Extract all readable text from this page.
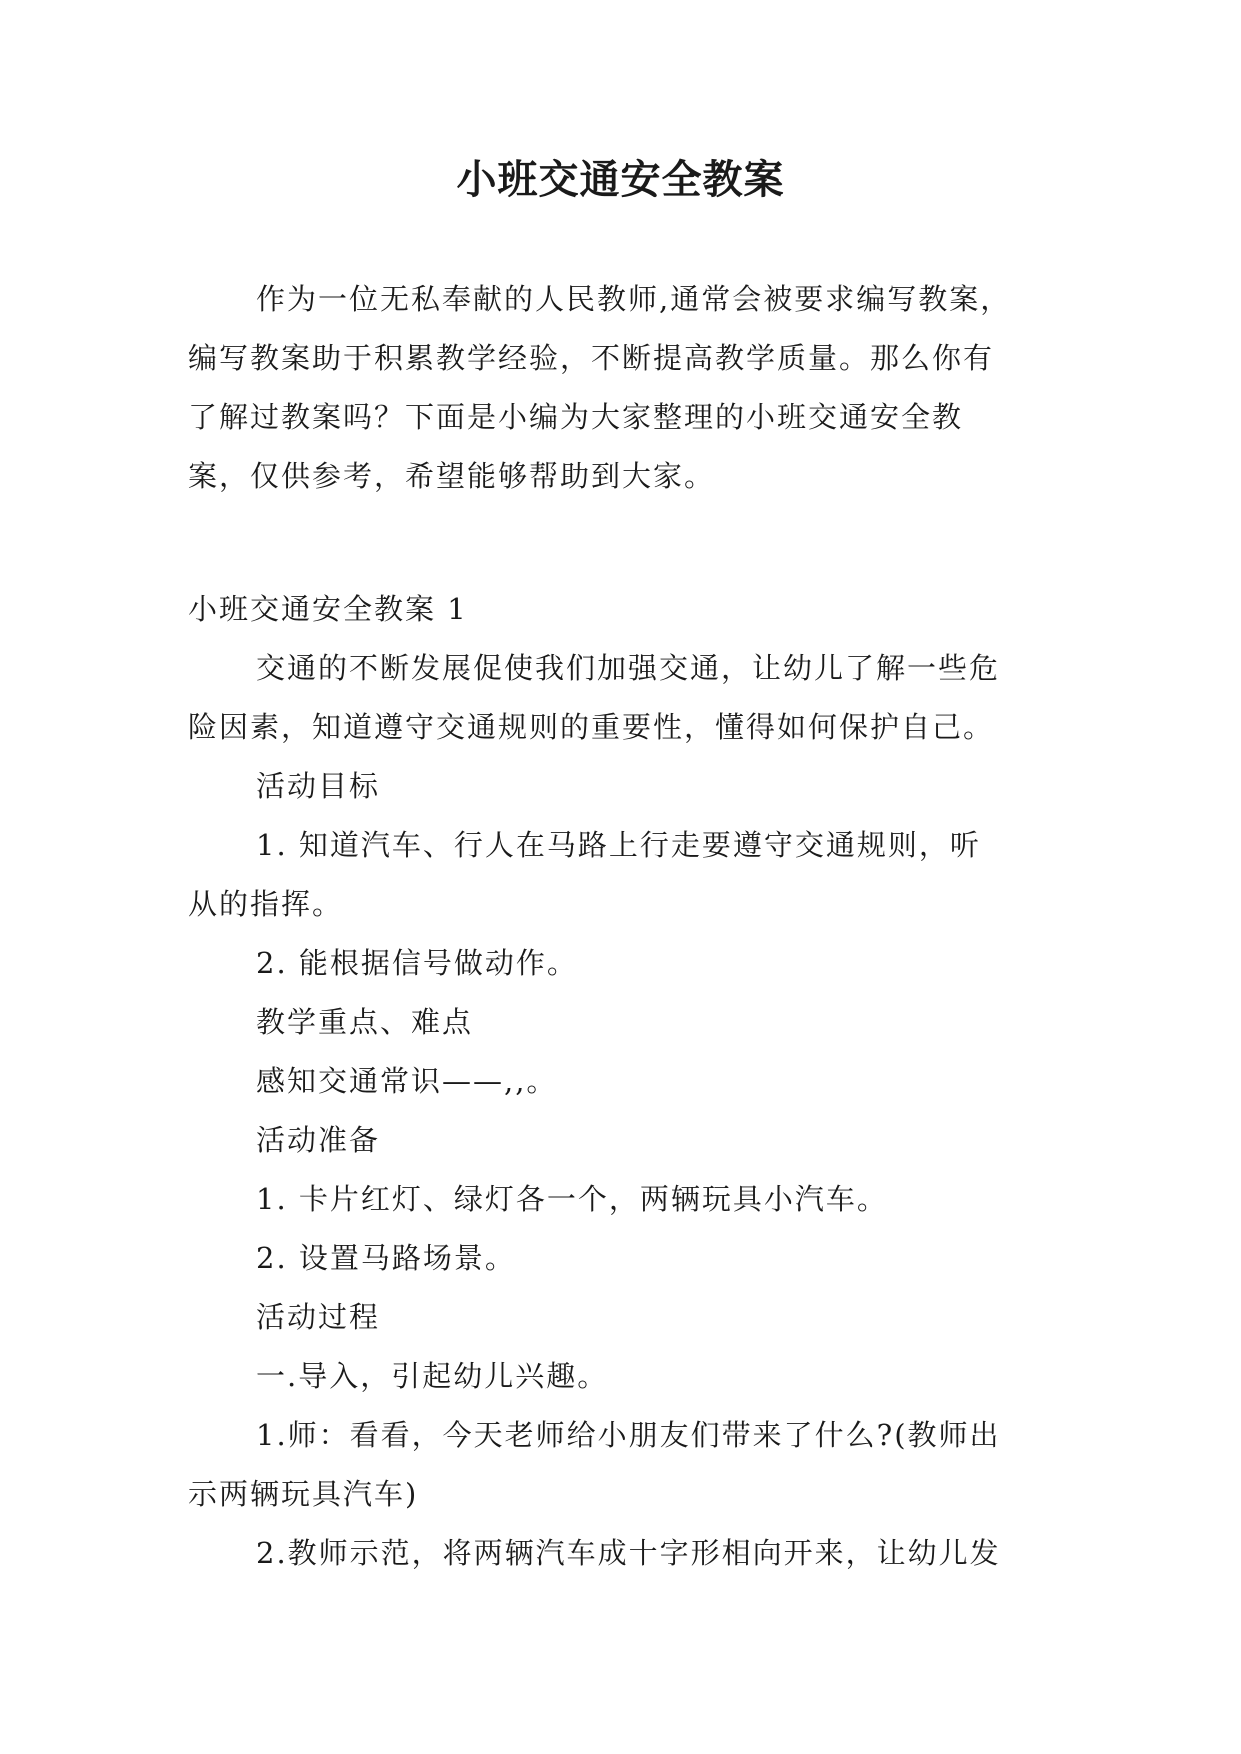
小班交通安全教案
作为一位无私奉献的人民教师,通常会被要求编写教案，
编写教案助于积累教学经验，不断提高教学质量。那么你有
了解过教案吗？下面是小编为大家整理的小班交通安全教
案，仅供参考，希望能够帮助到大家。
小班交通安全教案 1
交通的不断发展促使我们加强交通，让幼儿了解一些危
险因素，知道遵守交通规则的重要性，懂得如何保护自己。
活动目标
1. 知道汽车、行人在马路上行走要遵守交通规则，听
从的指挥。
2. 能根据信号做动作。
教学重点、难点
感知交通常识——,,。
活动准备
1. 卡片红灯、绿灯各一个，两辆玩具小汽车。
2. 设置马路场景。
活动过程
一.导入，引起幼儿兴趣。
1.师：看看，今天老师给小朋友们带来了什么?(教师出
示两辆玩具汽车)
2.教师示范，将两辆汽车成十字形相向开来，让幼儿发
